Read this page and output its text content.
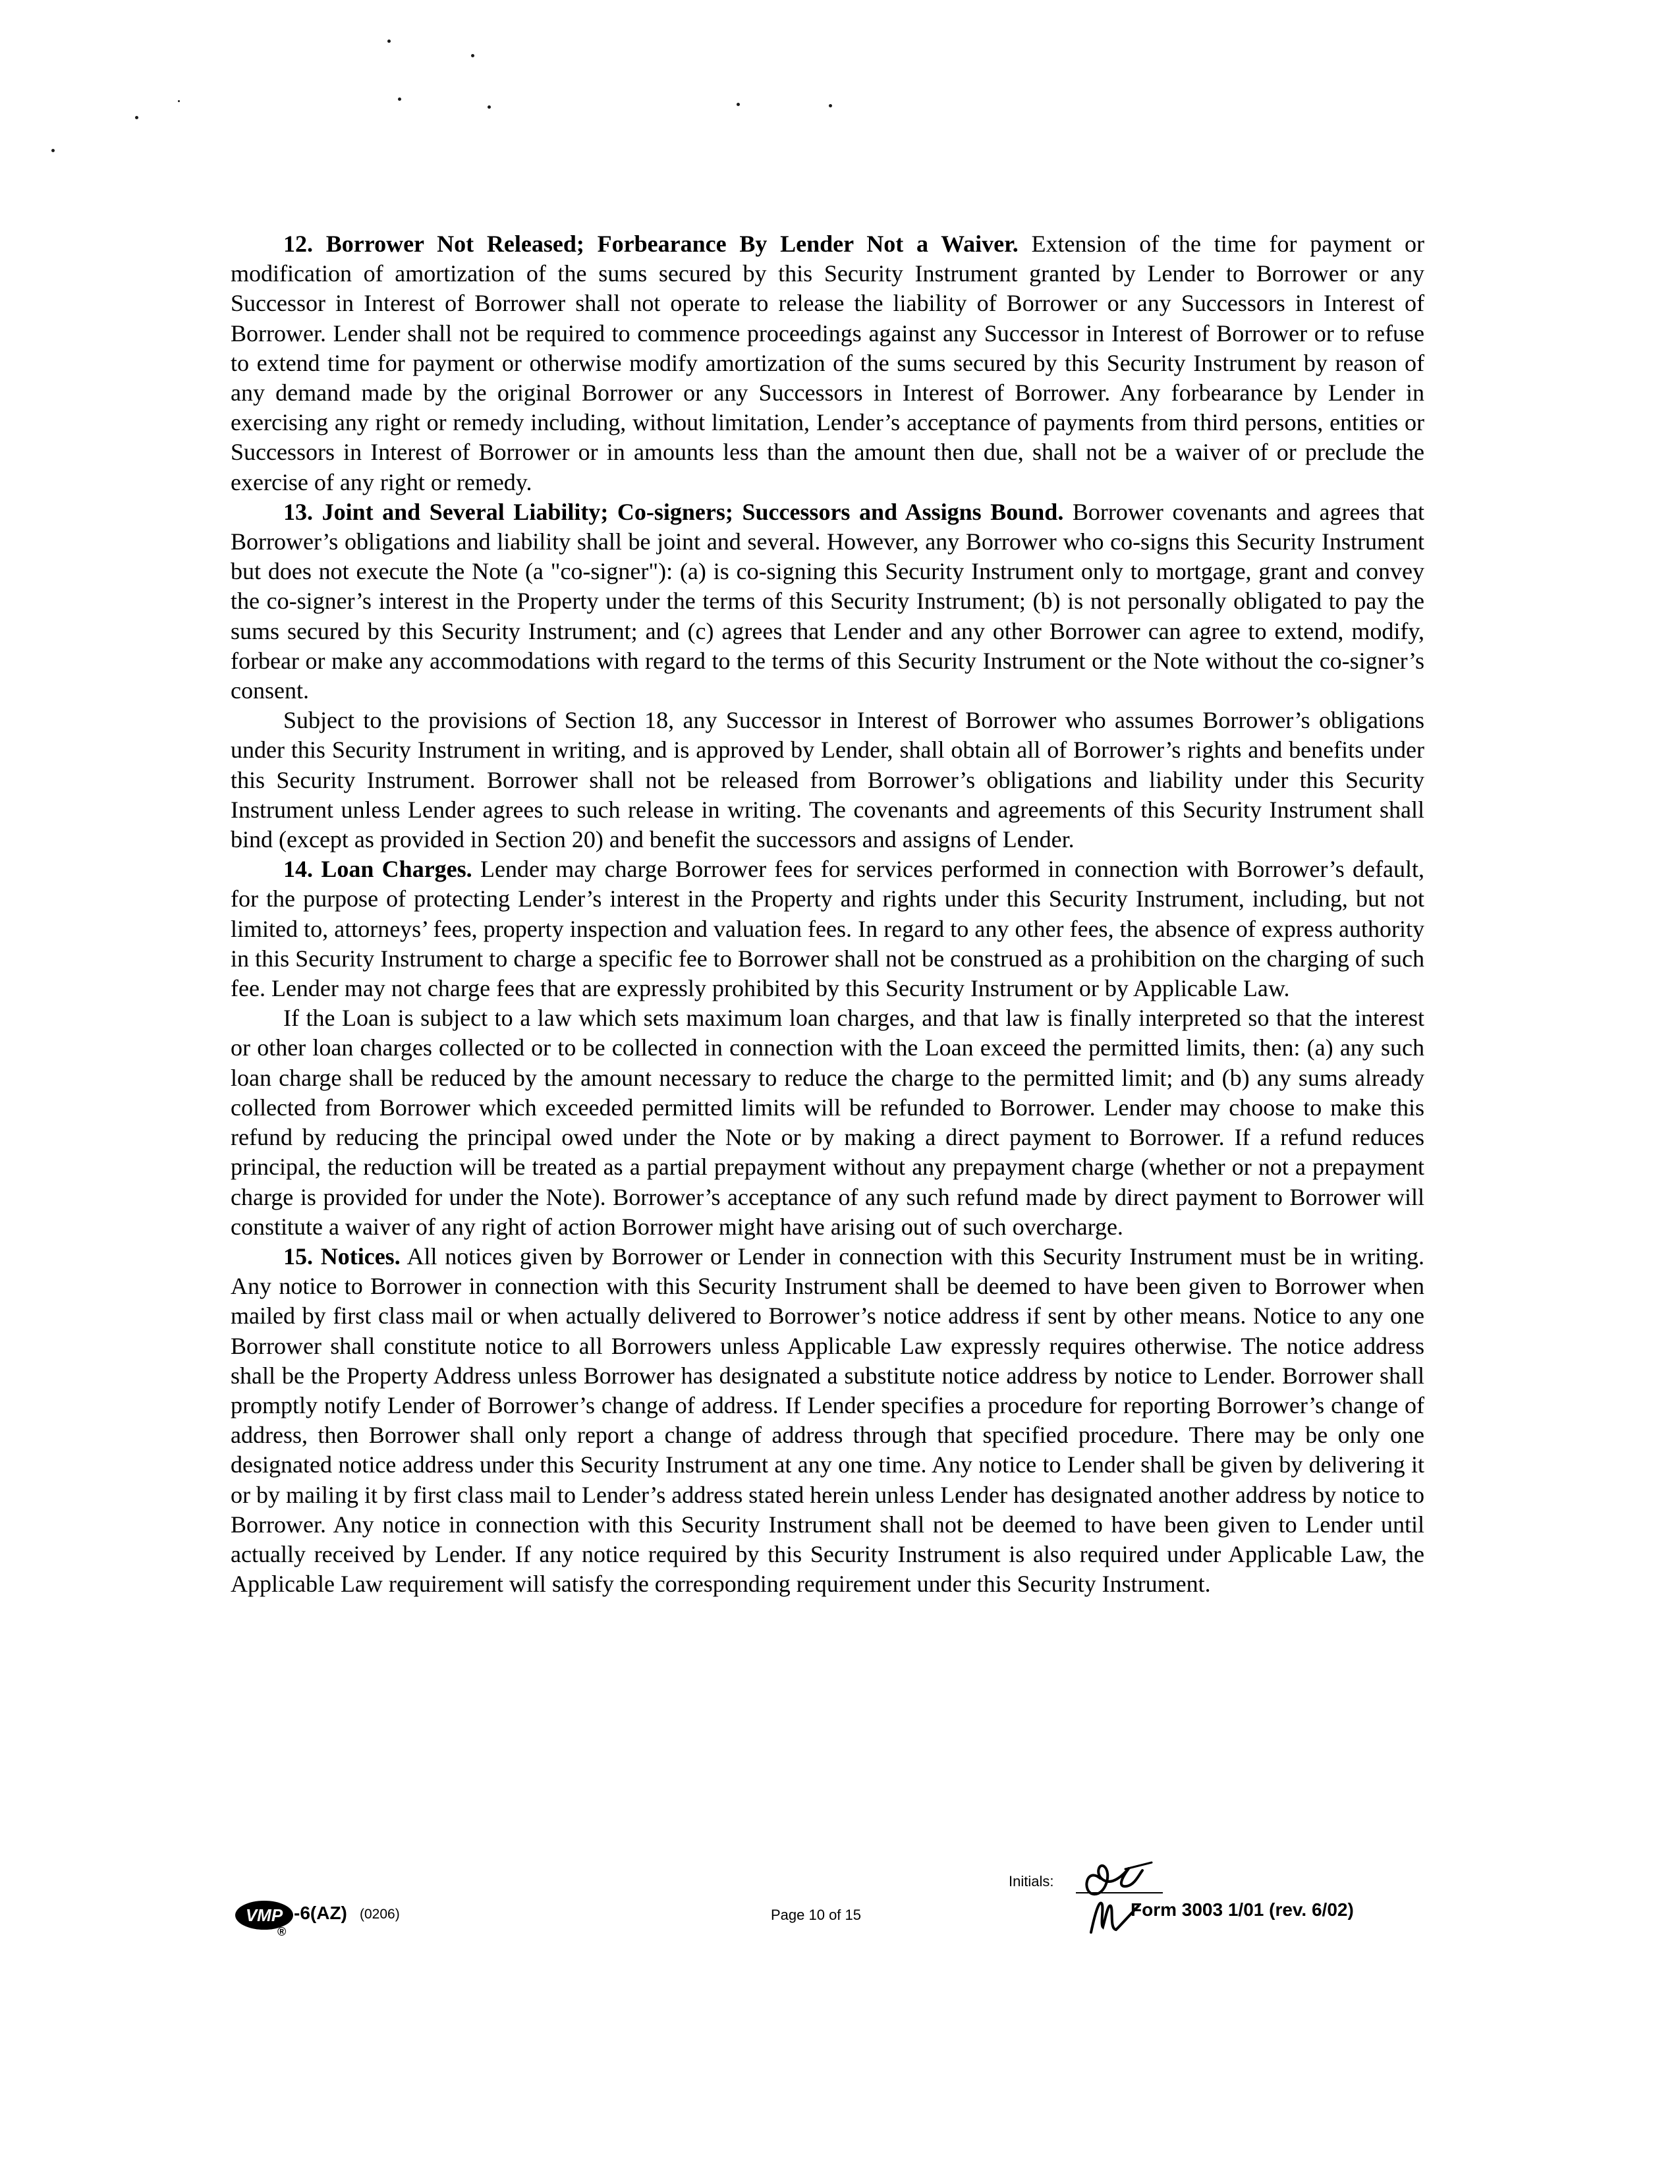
12. Borrower Not Released; Forbearance By Lender Not a Waiver. Extension of the time for payment or modification of amortization of the sums secured by this Security Instrument granted by Lender to Borrower or any Successor in Interest of Borrower shall not operate to release the liability of Borrower or any Successors in Interest of Borrower. Lender shall not be required to commence proceedings against any Successor in Interest of Borrower or to refuse to extend time for payment or otherwise modify amortization of the sums secured by this Security Instrument by reason of any demand made by the original Borrower or any Successors in Interest of Borrower. Any forbearance by Lender in exercising any right or remedy including, without limitation, Lender’s acceptance of payments from third persons, entities or Successors in Interest of Borrower or in amounts less than the amount then due, shall not be a waiver of or preclude the exercise of any right or remedy.

13. Joint and Several Liability; Co-signers; Successors and Assigns Bound. Borrower covenants and agrees that Borrower’s obligations and liability shall be joint and several. However, any Borrower who co-signs this Security Instrument but does not execute the Note (a "co-signer"): (a) is co-signing this Security Instrument only to mortgage, grant and convey the co-signer’s interest in the Property under the terms of this Security Instrument; (b) is not personally obligated to pay the sums secured by this Security Instrument; and (c) agrees that Lender and any other Borrower can agree to extend, modify, forbear or make any accommodations with regard to the terms of this Security Instrument or the Note without the co-signer’s consent.

Subject to the provisions of Section 18, any Successor in Interest of Borrower who assumes Borrower’s obligations under this Security Instrument in writing, and is approved by Lender, shall obtain all of Borrower’s rights and benefits under this Security Instrument. Borrower shall not be released from Borrower’s obligations and liability under this Security Instrument unless Lender agrees to such release in writing. The covenants and agreements of this Security Instrument shall bind (except as provided in Section 20) and benefit the successors and assigns of Lender.

14. Loan Charges. Lender may charge Borrower fees for services performed in connection with Borrower’s default, for the purpose of protecting Lender’s interest in the Property and rights under this Security Instrument, including, but not limited to, attorneys’ fees, property inspection and valuation fees. In regard to any other fees, the absence of express authority in this Security Instrument to charge a specific fee to Borrower shall not be construed as a prohibition on the charging of such fee. Lender may not charge fees that are expressly prohibited by this Security Instrument or by Applicable Law.

If the Loan is subject to a law which sets maximum loan charges, and that law is finally interpreted so that the interest or other loan charges collected or to be collected in connection with the Loan exceed the permitted limits, then: (a) any such loan charge shall be reduced by the amount necessary to reduce the charge to the permitted limit; and (b) any sums already collected from Borrower which exceeded permitted limits will be refunded to Borrower. Lender may choose to make this refund by reducing the principal owed under the Note or by making a direct payment to Borrower. If a refund reduces principal, the reduction will be treated as a partial prepayment without any prepayment charge (whether or not a prepayment charge is provided for under the Note). Borrower’s acceptance of any such refund made by direct payment to Borrower will constitute a waiver of any right of action Borrower might have arising out of such overcharge.

15. Notices. All notices given by Borrower or Lender in connection with this Security Instrument must be in writing. Any notice to Borrower in connection with this Security Instrument shall be deemed to have been given to Borrower when mailed by first class mail or when actually delivered to Borrower’s notice address if sent by other means. Notice to any one Borrower shall constitute notice to all Borrowers unless Applicable Law expressly requires otherwise. The notice address shall be the Property Address unless Borrower has designated a substitute notice address by notice to Lender. Borrower shall promptly notify Lender of Borrower’s change of address. If Lender specifies a procedure for reporting Borrower’s change of address, then Borrower shall only report a change of address through that specified procedure. There may be only one designated notice address under this Security Instrument at any one time. Any notice to Lender shall be given by delivering it or by mailing it by first class mail to Lender’s address stated herein unless Lender has designated another address by notice to Borrower. Any notice in connection with this Security Instrument shall not be deemed to have been given to Lender until actually received by Lender. If any notice required by this Security Instrument is also required under Applicable Law, the Applicable Law requirement will satisfy the corresponding requirement under this Security Instrument.

VMP -6(AZ) (0206)
®
Page 10 of 15
Initials:
Form 3003 1/01 (rev. 6/02)
